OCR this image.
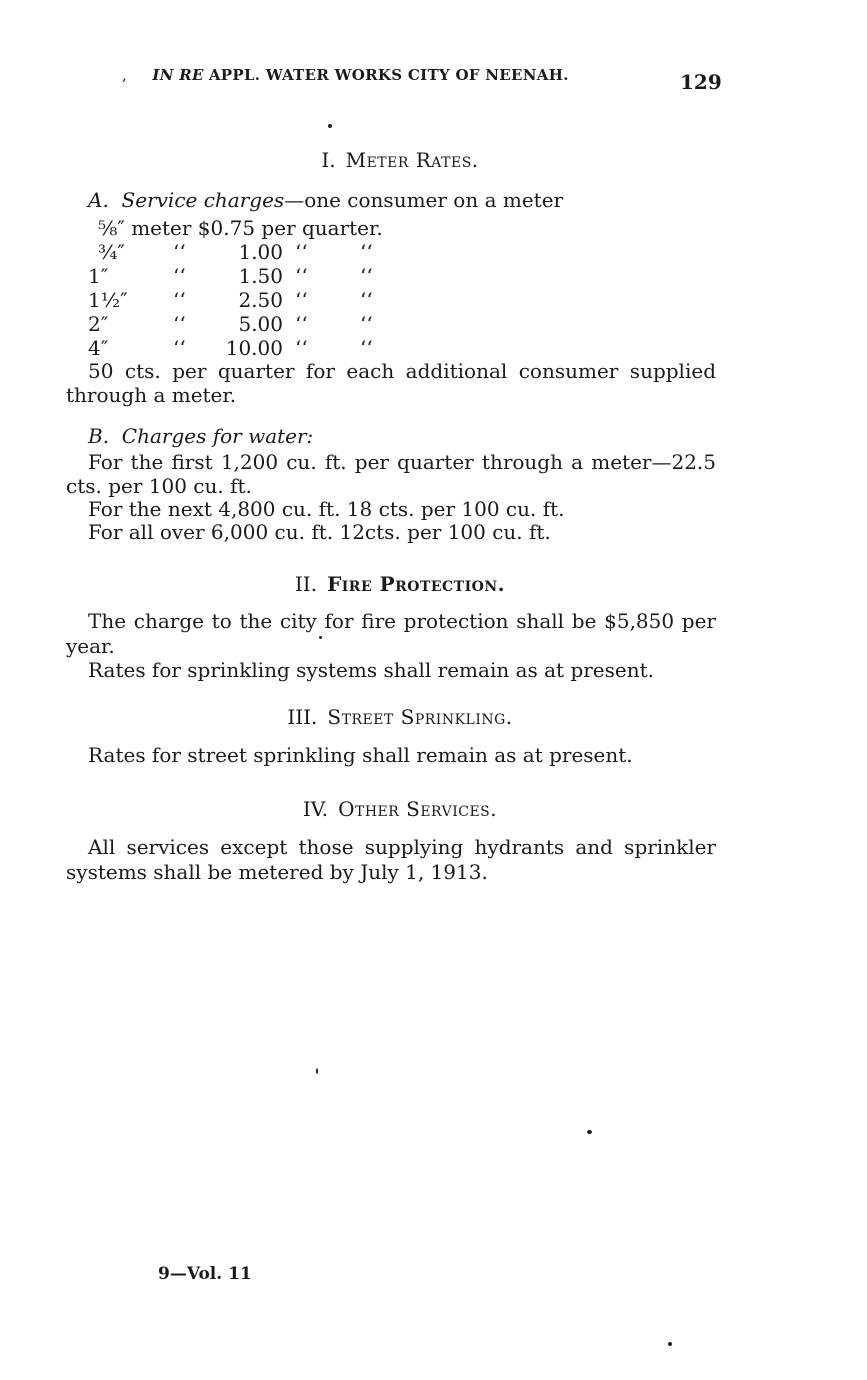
, IN RE APPL. WATER WORKS CITY OF NEENAH.	129
I. Meter Rates.
A. Service charges—one consumer on a meter
⅝″ meter $0.75 per quarter.
¾″	‘‘	1.00	‘‘	‘‘
1″	‘‘	1.50	‘‘	‘‘
1½″	‘‘	2.50	‘‘	‘‘
2″	‘‘	5.00	‘‘	‘‘
4″	‘‘	10.00	‘‘	‘‘
50 cts. per quarter for each additional consumer supplied
through a meter.
B. Charges for water:
For the first 1,200 cu. ft. per quarter through a meter—22.5
cts. per 100 cu. ft.
For the next 4,800 cu. ft. 18 cts. per 100 cu. ft.
For all over 6,000 cu. ft. 12cts. per 100 cu. ft.
II. Fire Protection.
The charge to the city for fire protection shall be $5,850 per
year.
Rates for sprinkling systems shall remain as at present.
III. Street Sprinkling.
Rates for street sprinkling shall remain as at present.
IV. Other Services.
All services except those supplying hydrants and sprinkler
systems shall be metered by July 1, 1913.
9—Vol. 11
